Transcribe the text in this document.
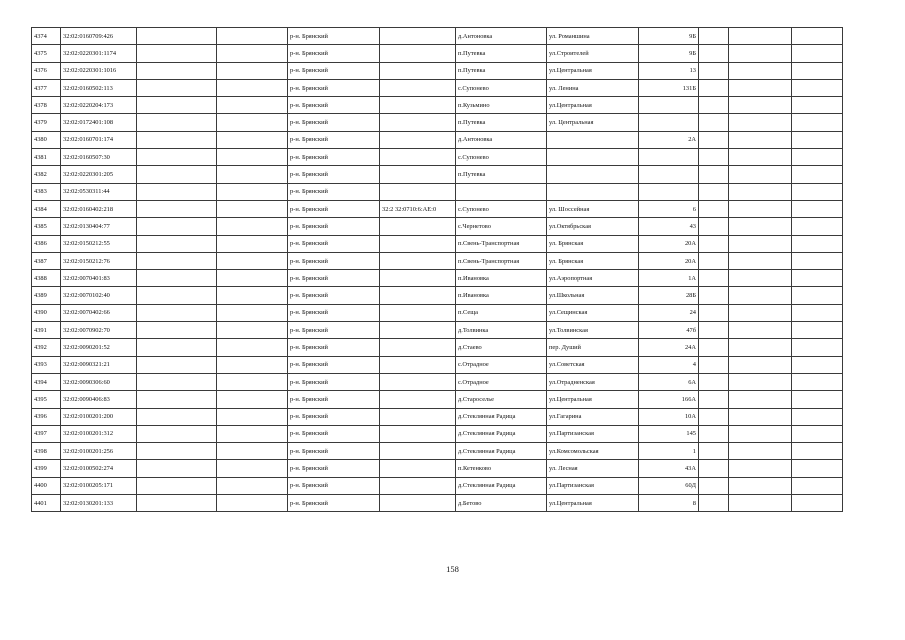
4374	32:02:0160709:426			р-н. Брянский		д.Антоновка	ул. Романшина	9Б			
4375	32:02:0220301:1174			р-н. Брянский		п.Путевка	ул.Строителей	9Б			
4376	32:02:0220301:1016			р-н. Брянский		п.Путевка	ул.Центральная	13			
4377	32:02:0160502:113			р-н. Брянский		с.Супонево	ул. Ленина	131Б			
4378	32:02:0220204:173			р-н. Брянский		п.Кузьмино	ул.Центральная				
4379	32:02:0172401:108			р-н. Брянский		п.Путевка	ул. Центральная				
4380	32:02:0160701:174			р-н. Брянский		д.Антоновка		2А			
4381	32:02:0160507:30			р-н. Брянский		с.Супонево					
4382	32:02:0220301:205			р-н. Брянский		п.Путевка					
4383	32:02:0530311:44			р-н. Брянский							
4384	32:02:0160402:218			р-н. Брянский	32:2 32:0710:6:АЕ:0	с.Супонево	ул. Шоссейная	6			
4385	32:02:0130404:77			р-н. Брянский		с.Чернетово	ул.Октябрьская	43			
4386	32:02:0150212:55			р-н. Брянский		п.Свень-Транспортная	ул. Брянская	20А			
4387	32:02:0150212:76			р-н. Брянский		п.Свень-Транспортная	ул. Брянская	20А			
4388	32:02:0070401:83			р-н. Брянский		п.Ивановка	ул.Аэропортная	1А			
4389	32:02:0070102:40			р-н. Брянский		п.Ивановка	ул.Школьная	28Б			
4390	32:02:0070402:66			р-н. Брянский		п.Сеща	ул.Сещинская	24			
4391	32:02:0070902:70			р-н. Брянский		д.Толвинка	ул.Толвинская	47б			
4392	32:02:0090201:52			р-н. Брянский		д.Стаево	пер. Душий	24А			
4393	32:02:0090321:21			р-н. Брянский		с.Отрадное	ул.Советская	4			
4394	32:02:0090306:60			р-н. Брянский		с.Отрадное	ул.Отрадненская	6А			
4395	32:02:0090406:83			р-н. Брянский		д.Староселье	ул.Центральная	166А			
4396	32:02:0100201:200			р-н. Брянский		д.Стеклянная Радица	ул.Гагарина	10А			
4397	32:02:0100201:312			р-н. Брянский		д.Стеклянная Радица	ул.Партизанская	145			
4398	32:02:0100201:256			р-н. Брянский		д.Стеклянная Радица	ул.Комсомольская	1			
4399	32:02:0100502:274			р-н. Брянский		п.Кетенково	ул. Лесная	43А			
4400	32:02:0100205:171			р-н. Брянский		д.Стеклянная Радица	ул.Партизанская	60Д			
4401	32:02:0130201:133			р-н. Брянский		д.Бетово	ул.Центральная	8			
158
